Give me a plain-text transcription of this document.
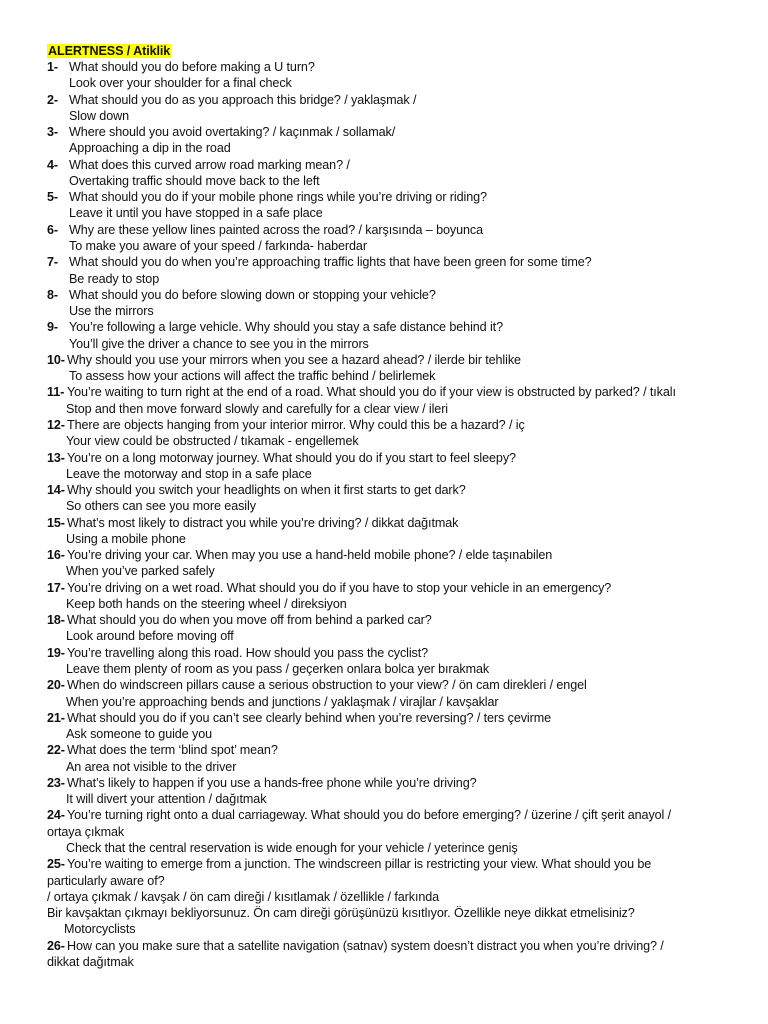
ALERTNESS / Atiklik
1- What should you do before making a U turn?
Look over your shoulder for a final check
2- What should you do as you approach this bridge? / yaklaşmak /
Slow down
3- Where should you avoid overtaking? / kaçınmak / sollamak/
Approaching a dip in the road
4- What does this curved arrow road marking mean? /
Overtaking traffic should move back to the left
5- What should you do if your mobile phone rings while you’re driving or riding?
Leave it until you have stopped in a safe place
6- Why are these yellow lines painted across the road? / karşısında – boyunca
To make you aware of your speed / farkında- haberdar
7- What should you do when you’re approaching traffic lights that have been green for some time?
Be ready to stop
8- What should you do before slowing down or stopping your vehicle?
Use the mirrors
9- You’re following a large vehicle. Why should you stay a safe distance behind it?
You’ll give the driver a chance to see you in the mirrors
10- Why should you use your mirrors when you see a hazard ahead? / ilerde bir tehlike
To assess how your actions will affect the traffic behind / belirlemek
11- You’re waiting to turn right at the end of a road. What should you do if your view is obstructed by parked? / tıkalı
Stop and then move forward slowly and carefully for a clear view / ileri
12- There are objects hanging from your interior mirror. Why could this be a hazard? / iç
Your view could be obstructed / tıkamak - engellemek
13- You’re on a long motorway journey. What should you do if you start to feel sleepy?
Leave the motorway and stop in a safe place
14- Why should you switch your headlights on when it first starts to get dark?
So others can see you more easily
15- What’s most likely to distract you while you’re driving? / dikkat dağıtmak
Using a mobile phone
16- You’re driving your car. When may you use a hand-held mobile phone? / elde taşınabilen
When you’ve parked safely
17- You’re driving on a wet road. What should you do if you have to stop your vehicle in an emergency?
Keep both hands on the steering wheel / direksiyon
18- What should you do when you move off from behind a parked car?
Look around before moving off
19- You’re travelling along this road. How should you pass the cyclist?
Leave them plenty of room as you pass / geçerken onlara bolca yer bırakmak
20- When do windscreen pillars cause a serious obstruction to your view? / ön cam direkleri / engel
When you’re approaching bends and junctions / yaklaşmak / virajlar / kavşaklar
21- What should you do if you can’t see clearly behind when you’re reversing? / ters çevirme
Ask someone to guide you
22- What does the term ‘blind spot’ mean?
An area not visible to the driver
23- What’s likely to happen if you use a hands-free phone while you’re driving?
It will divert your attention / dağıtmak
24- You’re turning right onto a dual carriageway. What should you do before emerging? / üzerine / çift şerit anayol /
ortaya çıkmak
Check that the central reservation is wide enough for your vehicle / yeterince geniş
25- You’re waiting to emerge from a junction. The windscreen pillar is restricting your view. What should you be
particularly aware of?
/ ortaya çıkmak / kavşak / ön cam direği / kısıtlamak / özellikle / farkında
Bir kavşaktan çıkmayı bekliyorsunuz. Ön cam direği görüşünüzü kısıtlıyor. Özellikle neye dikkat etmelisiniz?
Motorcyclists
26- How can you make sure that a satellite navigation (satnav) system doesn’t distract you when you’re driving? /
dikkat dağıtmak
